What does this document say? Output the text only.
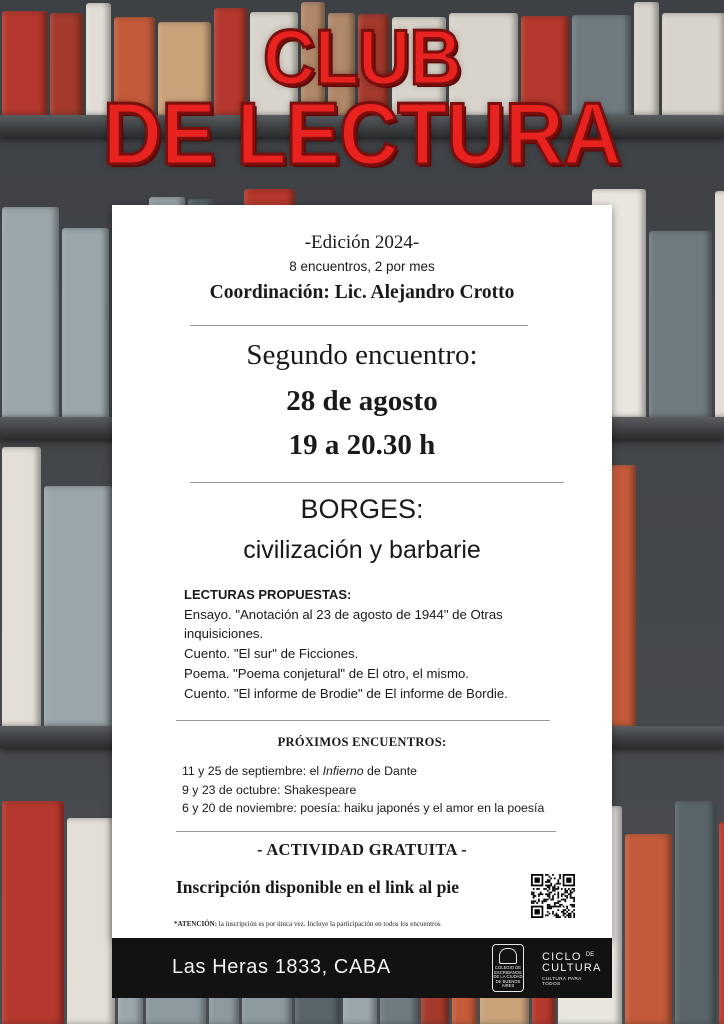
CLUB
DE LECTURA
-Edición 2024-
8 encuentros, 2 por mes
Coordinación: Lic. Alejandro Crotto
Segundo encuentro:
28 de agosto
19 a 20.30 h
BORGES:
civilización y barbarie
LECTURAS PROPUESTAS:
Ensayo. "Anotación al 23 de agosto de 1944" de Otras inquisiciones.
Cuento. "El sur" de Ficciones.
Poema. "Poema conjetural" de El otro, el mismo.
Cuento. "El informe de Brodie" de El informe de Bordie.
PRÓXIMOS ENCUENTROS:
11 y 25 de septiembre: el Infierno de Dante
9 y 23 de octubre: Shakespeare
6 y 20 de noviembre: poesía: haiku japonés y el amor en la poesía
- ACTIVIDAD GRATUITA -
Inscripción disponible en el link al pie
*ATENCIÓN: la inscripción es por única vez. Incluye la participación en todos los encuentros
Las Heras 1833, CABA	COLEGIO DE ESCRIBANOS DE LA CIUDAD DE BUENOS AIRES
CICLO $^{DE}$
CULTURA
CULTURA PARA TODOS
